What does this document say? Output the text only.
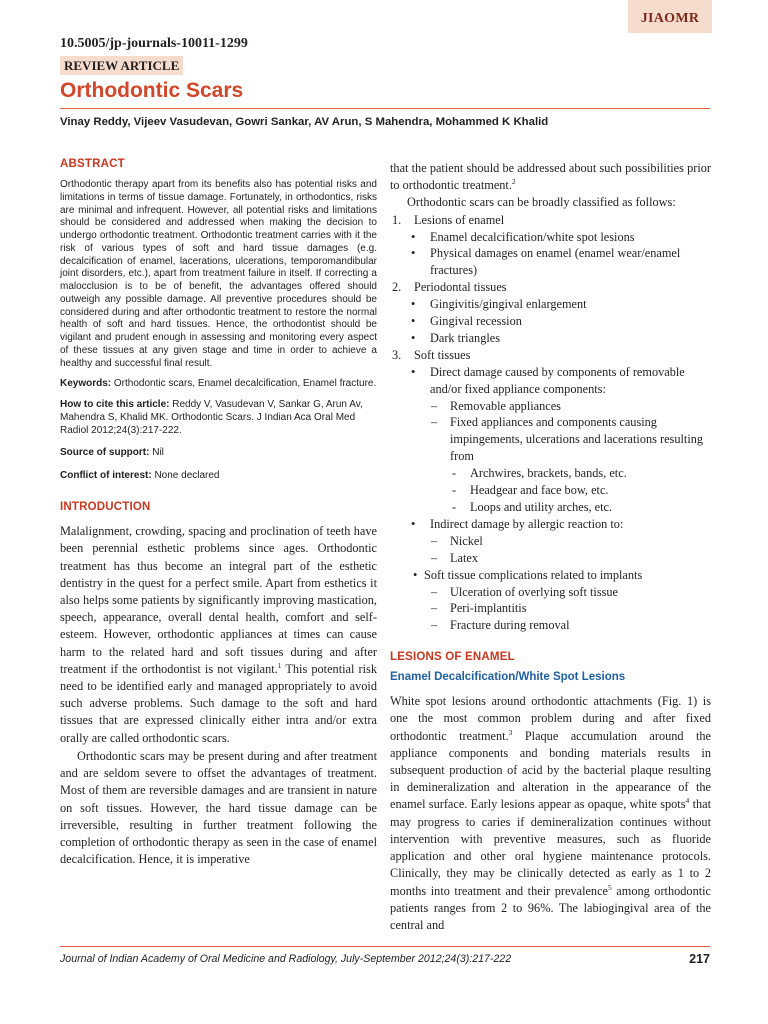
JIAOMR
10.5005/jp-journals-10011-1299
REVIEW ARTICLE
Orthodontic Scars
Vinay Reddy, Vijeev Vasudevan, Gowri Sankar, AV Arun, S Mahendra, Mohammed K Khalid
ABSTRACT

Orthodontic therapy apart from its benefits also has potential risks and limitations in terms of tissue damage. Fortunately, in orthodontics, risks are minimal and infrequent. However, all potential risks and limitations should be considered and addressed when making the decision to undergo orthodontic treatment. Orthodontic treatment carries with it the risk of various types of soft and hard tissue damages (e.g. decalcification of enamel, lacerations, ulcerations, temporomandibular joint disorders, etc.), apart from treatment failure in itself. If correcting a malocclusion is to be of benefit, the advantages offered should outweigh any possible damage. All preventive procedures should be considered during and after orthodontic treatment to restore the normal health of soft and hard tissues. Hence, the orthodontist should be vigilant and prudent enough in assessing and monitoring every aspect of these tissues at any given stage and time in order to achieve a healthy and successful final result.

Keywords: Orthodontic scars, Enamel decalcification, Enamel fracture.

How to cite this article: Reddy V, Vasudevan V, Sankar G, Arun Av, Mahendra S, Khalid MK. Orthodontic Scars. J Indian Aca Oral Med Radiol 2012;24(3):217-222.

Source of support: Nil

Conflict of interest: None declared

INTRODUCTION

Malalignment, crowding, spacing and proclination of teeth have been perennial esthetic problems since ages. Orthodontic treatment has thus become an integral part of the esthetic dentistry in the quest for a perfect smile. Apart from esthetics it also helps some patients by significantly improving mastication, speech, appearance, overall dental health, comfort and self-esteem. However, orthodontic appliances at times can cause harm to the related hard and soft tissues during and after treatment if the orthodontist is not vigilant.$^1$ This potential risk need to be identified early and managed appropriately to avoid such adverse problems. Such damage to the soft and hard tissues that are expressed clinically either intra and/or extra orally are called orthodontic scars.

Orthodontic scars may be present during and after treatment and are seldom severe to offset the advantages of treatment. Most of them are reversible damages and are transient in nature on soft tissues. However, the hard tissue damage can be irreversible, resulting in further treatment following the completion of orthodontic therapy as seen in the case of enamel decalcification. Hence, it is imperative

that the patient should be addressed about such possibilities prior to orthodontic treatment.$^2$

Orthodontic scars can be broadly classified as follows:

1. Lesions of enamel
• Enamel decalcification/white spot lesions
• Physical damages on enamel (enamel wear/enamel fractures)
2. Periodontal tissues
• Gingivitis/gingival enlargement
• Gingival recession
• Dark triangles
3. Soft tissues
• Direct damage caused by components of removable and/or fixed appliance components:
– Removable appliances
– Fixed appliances and components causing impingements, ulcerations and lacerations resulting from
- Archwires, brackets, bands, etc.
- Headgear and face bow, etc.
- Loops and utility arches, etc.
• Indirect damage by allergic reaction to:
– Nickel
– Latex
• Soft tissue complications related to implants
– Ulceration of overlying soft tissue
– Peri-implantitis
– Fracture during removal
LESIONS OF ENAMEL
Enamel Decalcification/White Spot Lesions

White spot lesions around orthodontic attachments (Fig. 1) is one the most common problem during and after fixed orthodontic treatment.$^3$ Plaque accumulation around the appliance components and bonding materials results in subsequent production of acid by the bacterial plaque resulting in demineralization and alteration in the appearance of the enamel surface. Early lesions appear as opaque, white spots$^4$ that may progress to caries if demineralization continues without intervention with preventive measures, such as fluoride application and other oral hygiene maintenance protocols. Clinically, they may be clinically detected as early as 1 to 2 months into treatment and their prevalence$^5$ among orthodontic patients ranges from 2 to 96%. The labiogingival area of the central and

Journal of Indian Academy of Oral Medicine and Radiology, July-September 2012;24(3):217-222	217
